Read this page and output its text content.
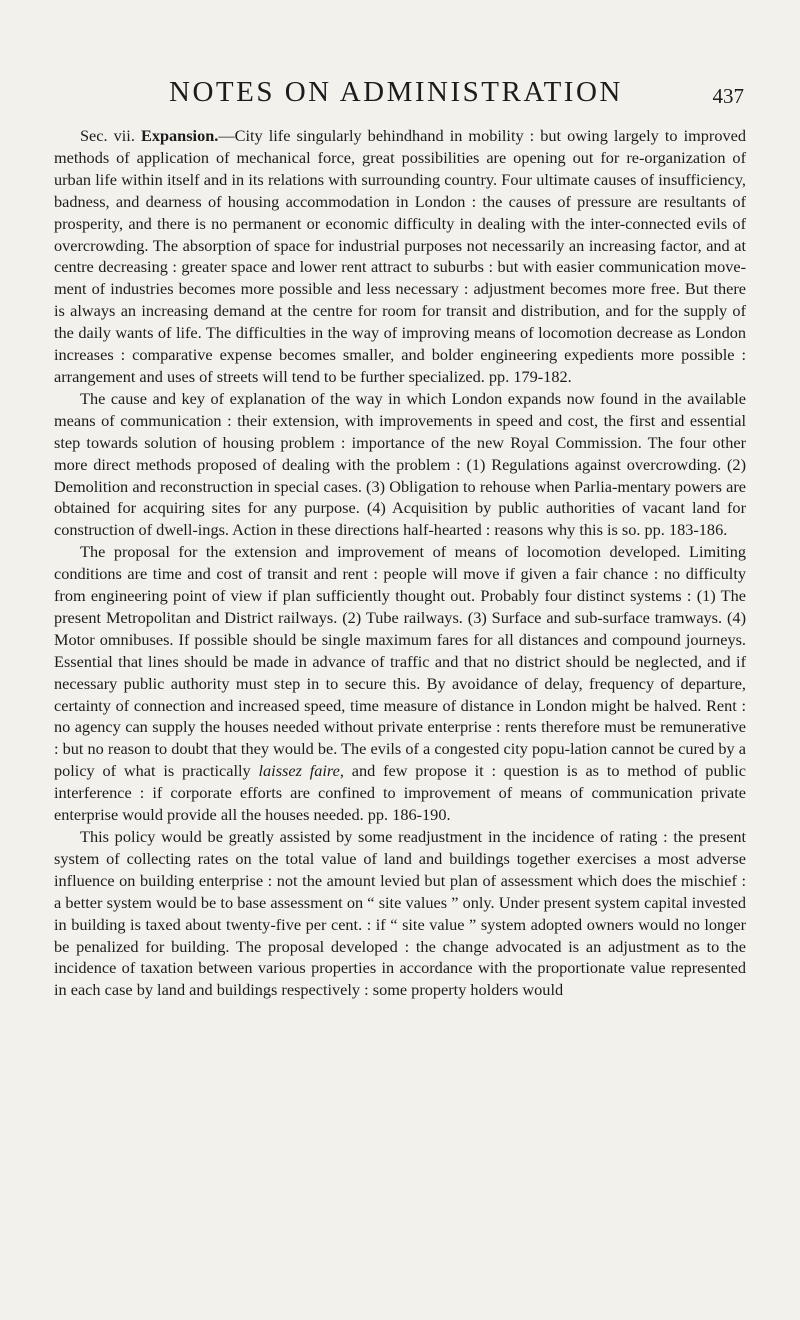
NOTES ON ADMINISTRATION	437

Sec. vii. Expansion.—City life singularly behindhand in mobility : but owing largely to improved methods of application of mechanical force, great possibilities are opening out for re-organization of urban life within itself and in its relations with surrounding country. Four ultimate causes of insufficiency, badness, and dearness of housing accommodation in London : the causes of pressure are resultants of prosperity, and there is no permanent or economic difficulty in dealing with the inter-connected evils of overcrowding. The absorption of space for industrial purposes not necessarily an increasing factor, and at centre decreasing : greater space and lower rent attract to suburbs : but with easier communication move-ment of industries becomes more possible and less necessary : adjustment becomes more free. But there is always an increasing demand at the centre for room for transit and distribution, and for the supply of the daily wants of life. The difficulties in the way of improving means of locomotion decrease as London increases : comparative expense becomes smaller, and bolder engineering expedients more possible : arrangement and uses of streets will tend to be further specialized. pp. 179-182.

The cause and key of explanation of the way in which London expands now found in the available means of communication : their extension, with improvements in speed and cost, the first and essential step towards solution of housing problem : importance of the new Royal Commission. The four other more direct methods proposed of dealing with the problem : (1) Regulations against overcrowding. (2) Demolition and reconstruction in special cases. (3) Obligation to rehouse when Parlia-mentary powers are obtained for acquiring sites for any purpose. (4) Acquisition by public authorities of vacant land for construction of dwell-ings. Action in these directions half-hearted : reasons why this is so. pp. 183-186.

The proposal for the extension and improvement of means of locomotion developed. Limiting conditions are time and cost of transit and rent : people will move if given a fair chance : no difficulty from engineering point of view if plan sufficiently thought out. Probably four distinct systems : (1) The present Metropolitan and District railways. (2) Tube railways. (3) Surface and sub-surface tramways. (4) Motor omnibuses. If possible should be single maximum fares for all distances and compound journeys. Essential that lines should be made in advance of traffic and that no district should be neglected, and if necessary public authority must step in to secure this. By avoidance of delay, frequency of departure, certainty of connection and increased speed, time measure of distance in London might be halved. Rent : no agency can supply the houses needed without private enterprise : rents therefore must be remunerative : but no reason to doubt that they would be. The evils of a congested city popu-lation cannot be cured by a policy of what is practically laissez faire, and few propose it : question is as to method of public interference : if corporate efforts are confined to improvement of means of communication private enterprise would provide all the houses needed. pp. 186-190.

This policy would be greatly assisted by some readjustment in the incidence of rating : the present system of collecting rates on the total value of land and buildings together exercises a most adverse influence on building enterprise : not the amount levied but plan of assessment which does the mischief : a better system would be to base assessment on “ site values ” only. Under present system capital invested in building is taxed about twenty-five per cent. : if “ site value ” system adopted owners would no longer be penalized for building. The proposal developed : the change advocated is an adjustment as to the incidence of taxation between various properties in accordance with the proportionate value represented in each case by land and buildings respectively : some property holders would
